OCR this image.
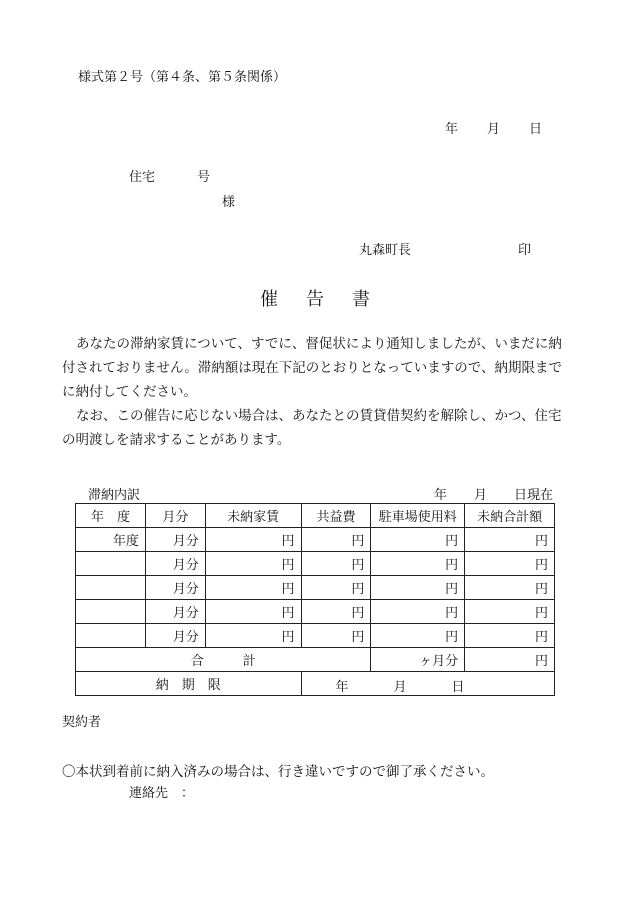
様式第２号（第４条、第５条関係）
年 月 日
住宅	号
様
丸森町長	印
催告書
あなたの滞納家賃について、すでに、督促状により通知しましたが、いまだに納付されておりません。滞納額は現在下記のとおりとなっていますので、納期限までに納付してください。
なお、この催告に応じない場合は、あなたとの賃貸借契約を解除し、かつ、住宅の明渡しを請求することがあります。
滞納内訳	年 月 日現在
年　度	月分	未納家賃	共益費	駐車場使用料	未納合計額
年度	月分	円	円	円	円
	月分	円	円	円	円
	月分	円	円	円	円
	月分	円	円	円	円
	月分	円	円	円	円
合　　　計				ヶ月分	円
納　期　限			年 月 日		
契約者
〇本状到着前に納入済みの場合は、行き違いですので御了承ください。
連絡先　：
